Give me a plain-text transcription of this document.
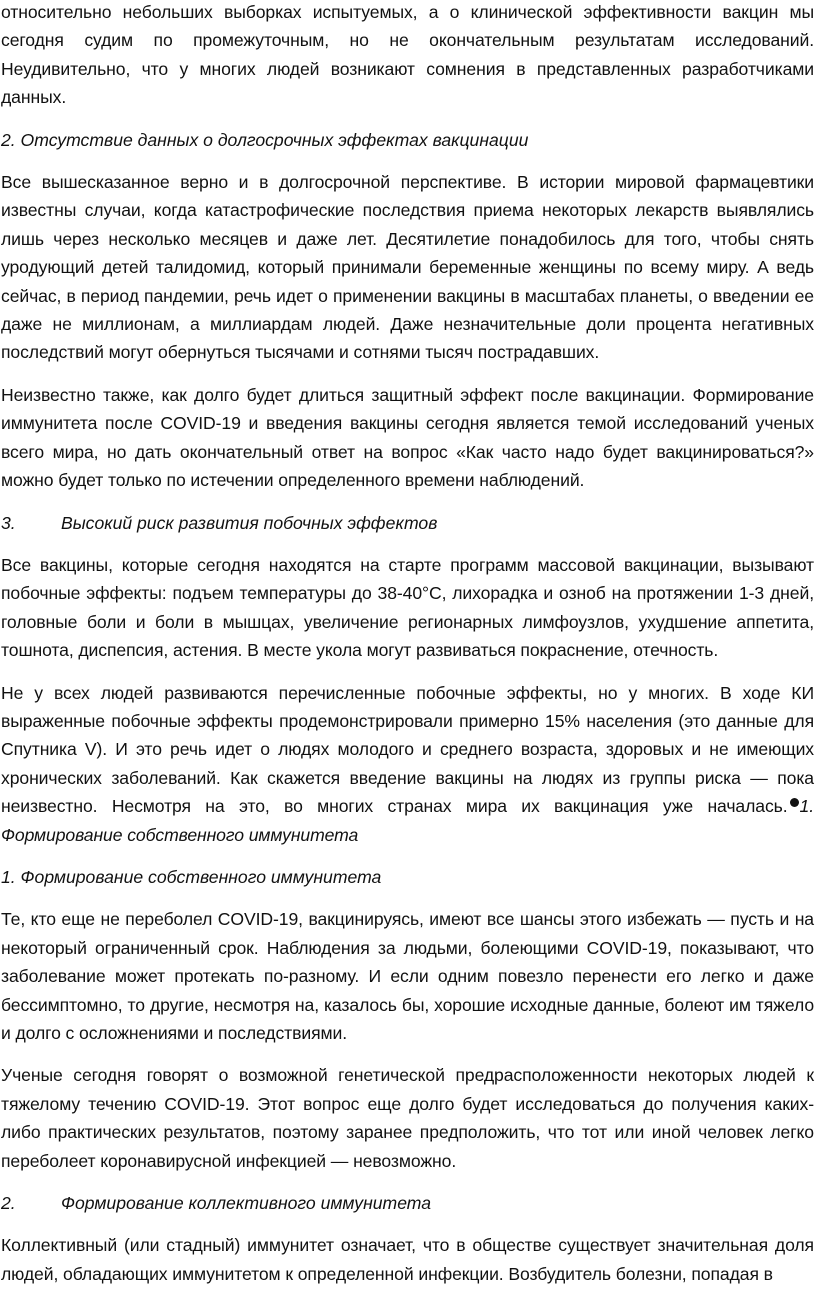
относительно небольших выборках испытуемых, а о клинической эффективности вакцин мы сегодня судим по промежуточным, но не окончательным результатам исследований. Неудивительно, что у многих людей возникают сомнения в представленных разработчиками данных.

2. Отсутствие данных о долгосрочных эффектах вакцинации

Все вышесказанное верно и в долгосрочной перспективе. В истории мировой фармацевтики известны случаи, когда катастрофические последствия приема некоторых лекарств выявлялись лишь через несколько месяцев и даже лет. Десятилетие понадобилось для того, чтобы снять уродующий детей талидомид, который принимали беременные женщины по всему миру. А ведь сейчас, в период пандемии, речь идет о применении вакцины в масштабах планеты, о введении ее даже не миллионам, а миллиардам людей. Даже незначительные доли процента негативных последствий могут обернуться тысячами и сотнями тысяч пострадавших.

Неизвестно также, как долго будет длиться защитный эффект после вакцинации. Формирование иммунитета после COVID-19 и введения вакцины сегодня является темой исследований ученых всего мира, но дать окончательный ответ на вопрос «Как часто надо будет вакцинироваться?» можно будет только по истечении определенного времени наблюдений.

3.	Высокий риск развития побочных эффектов

Все вакцины, которые сегодня находятся на старте программ массовой вакцинации, вызывают побочные эффекты: подъем температуры до 38-40°С, лихорадка и озноб на протяжении 1-3 дней, головные боли и боли в мышцах, увеличение регионарных лимфоузлов, ухудшение аппетита, тошнота, диспепсия, астения. В месте укола могут развиваться покраснение, отечность.

Не у всех людей развиваются перечисленные побочные эффекты, но у многих. В ходе КИ выраженные побочные эффекты продемонстрировали примерно 15% населения (это данные для Спутника V). И это речь идет о людях молодого и среднего возраста, здоровых и не имеющих хронических заболеваний. Как скажется введение вакцины на людях из группы риска — пока неизвестно. Несмотря на это, во многих странах мира их вакцинация уже началась. 1. Формирование собственного иммунитета

1. Формирование собственного иммунитета

Те, кто еще не переболел COVID-19, вакцинируясь, имеют все шансы этого избежать — пусть и на некоторый ограниченный срок. Наблюдения за людьми, болеющими COVID-19, показывают, что заболевание может протекать по-разному. И если одним повезло перенести его легко и даже бессимптомно, то другие, несмотря на, казалось бы, хорошие исходные данные, болеют им тяжело и долго с осложнениями и последствиями.

Ученые сегодня говорят о возможной генетической предрасположенности некоторых людей к тяжелому течению COVID-19. Этот вопрос еще долго будет исследоваться до получения каких-либо практических результатов, поэтому заранее предположить, что тот или иной человек легко переболеет коронавирусной инфекцией — невозможно.

2.	Формирование коллективного иммунитета

Коллективный (или стадный) иммунитет означает, что в обществе существует значительная доля людей, обладающих иммунитетом к определенной инфекции. Возбудитель болезни, попадая в
